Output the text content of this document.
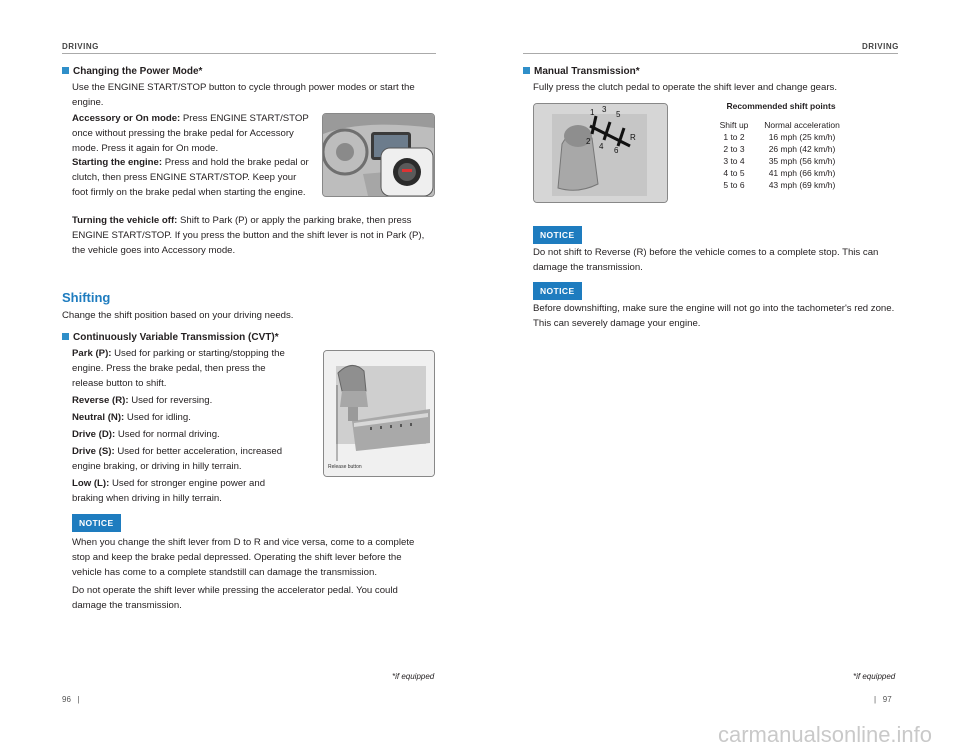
DRIVING
Changing the Power Mode*
Use the ENGINE START/STOP button to cycle through power modes or start the engine.
Accessory or On mode: Press ENGINE START/STOP once without pressing the brake pedal for Accessory mode. Press it again for On mode.
Starting the engine: Press and hold the brake pedal or clutch, then press ENGINE START/STOP. Keep your foot firmly on the brake pedal when starting the engine.
Turning the vehicle off: Shift to Park (P) or apply the parking brake, then press ENGINE START/STOP. If you press the button and the shift lever is not in Park (P), the vehicle goes into Accessory mode.
Shifting
Change the shift position based on your driving needs.
Continuously Variable Transmission (CVT)*

Park (P): Used for parking or starting/stopping the engine. Press the brake pedal, then press the release button to shift.

Reverse (R): Used for reversing.

Neutral (N): Used for idling.

Drive (D): Used for normal driving.

Drive (S): Used for better acceleration, increased engine braking, or driving in hilly terrain.

Low (L): Used for stronger engine power and braking when driving in hilly terrain.

Release button
NOTICE

When you change the shift lever from D to R and vice versa, come to a complete stop and keep the brake pedal depressed. Operating the shift lever before the vehicle has come to a complete standstill can damage the transmission.

Do not operate the shift lever while pressing the accelerator pedal. You could damage the transmission.

*if equipped
96   |
DRIVING
Manual Transmission*
Fully press the clutch pedal to operate the shift lever and change gears.
1 3
5
2
4 6
R
Recommended shift points
Shift up	Normal acceleration
1 to 2	16 mph (25 km/h)
2 to 3	26 mph (42 km/h)
3 to 4	35 mph (56 km/h)
4 to 5	41 mph (66 km/h)
5 to 6	43 mph (69 km/h)
NOTICE
Do not shift to Reverse (R) before the vehicle comes to a complete stop. This can damage the transmission.
NOTICE
Before downshifting, make sure the engine will not go into the tachometer's red zone. This can severely damage your engine.
*if equipped
|   97
carmanualsonline.info
